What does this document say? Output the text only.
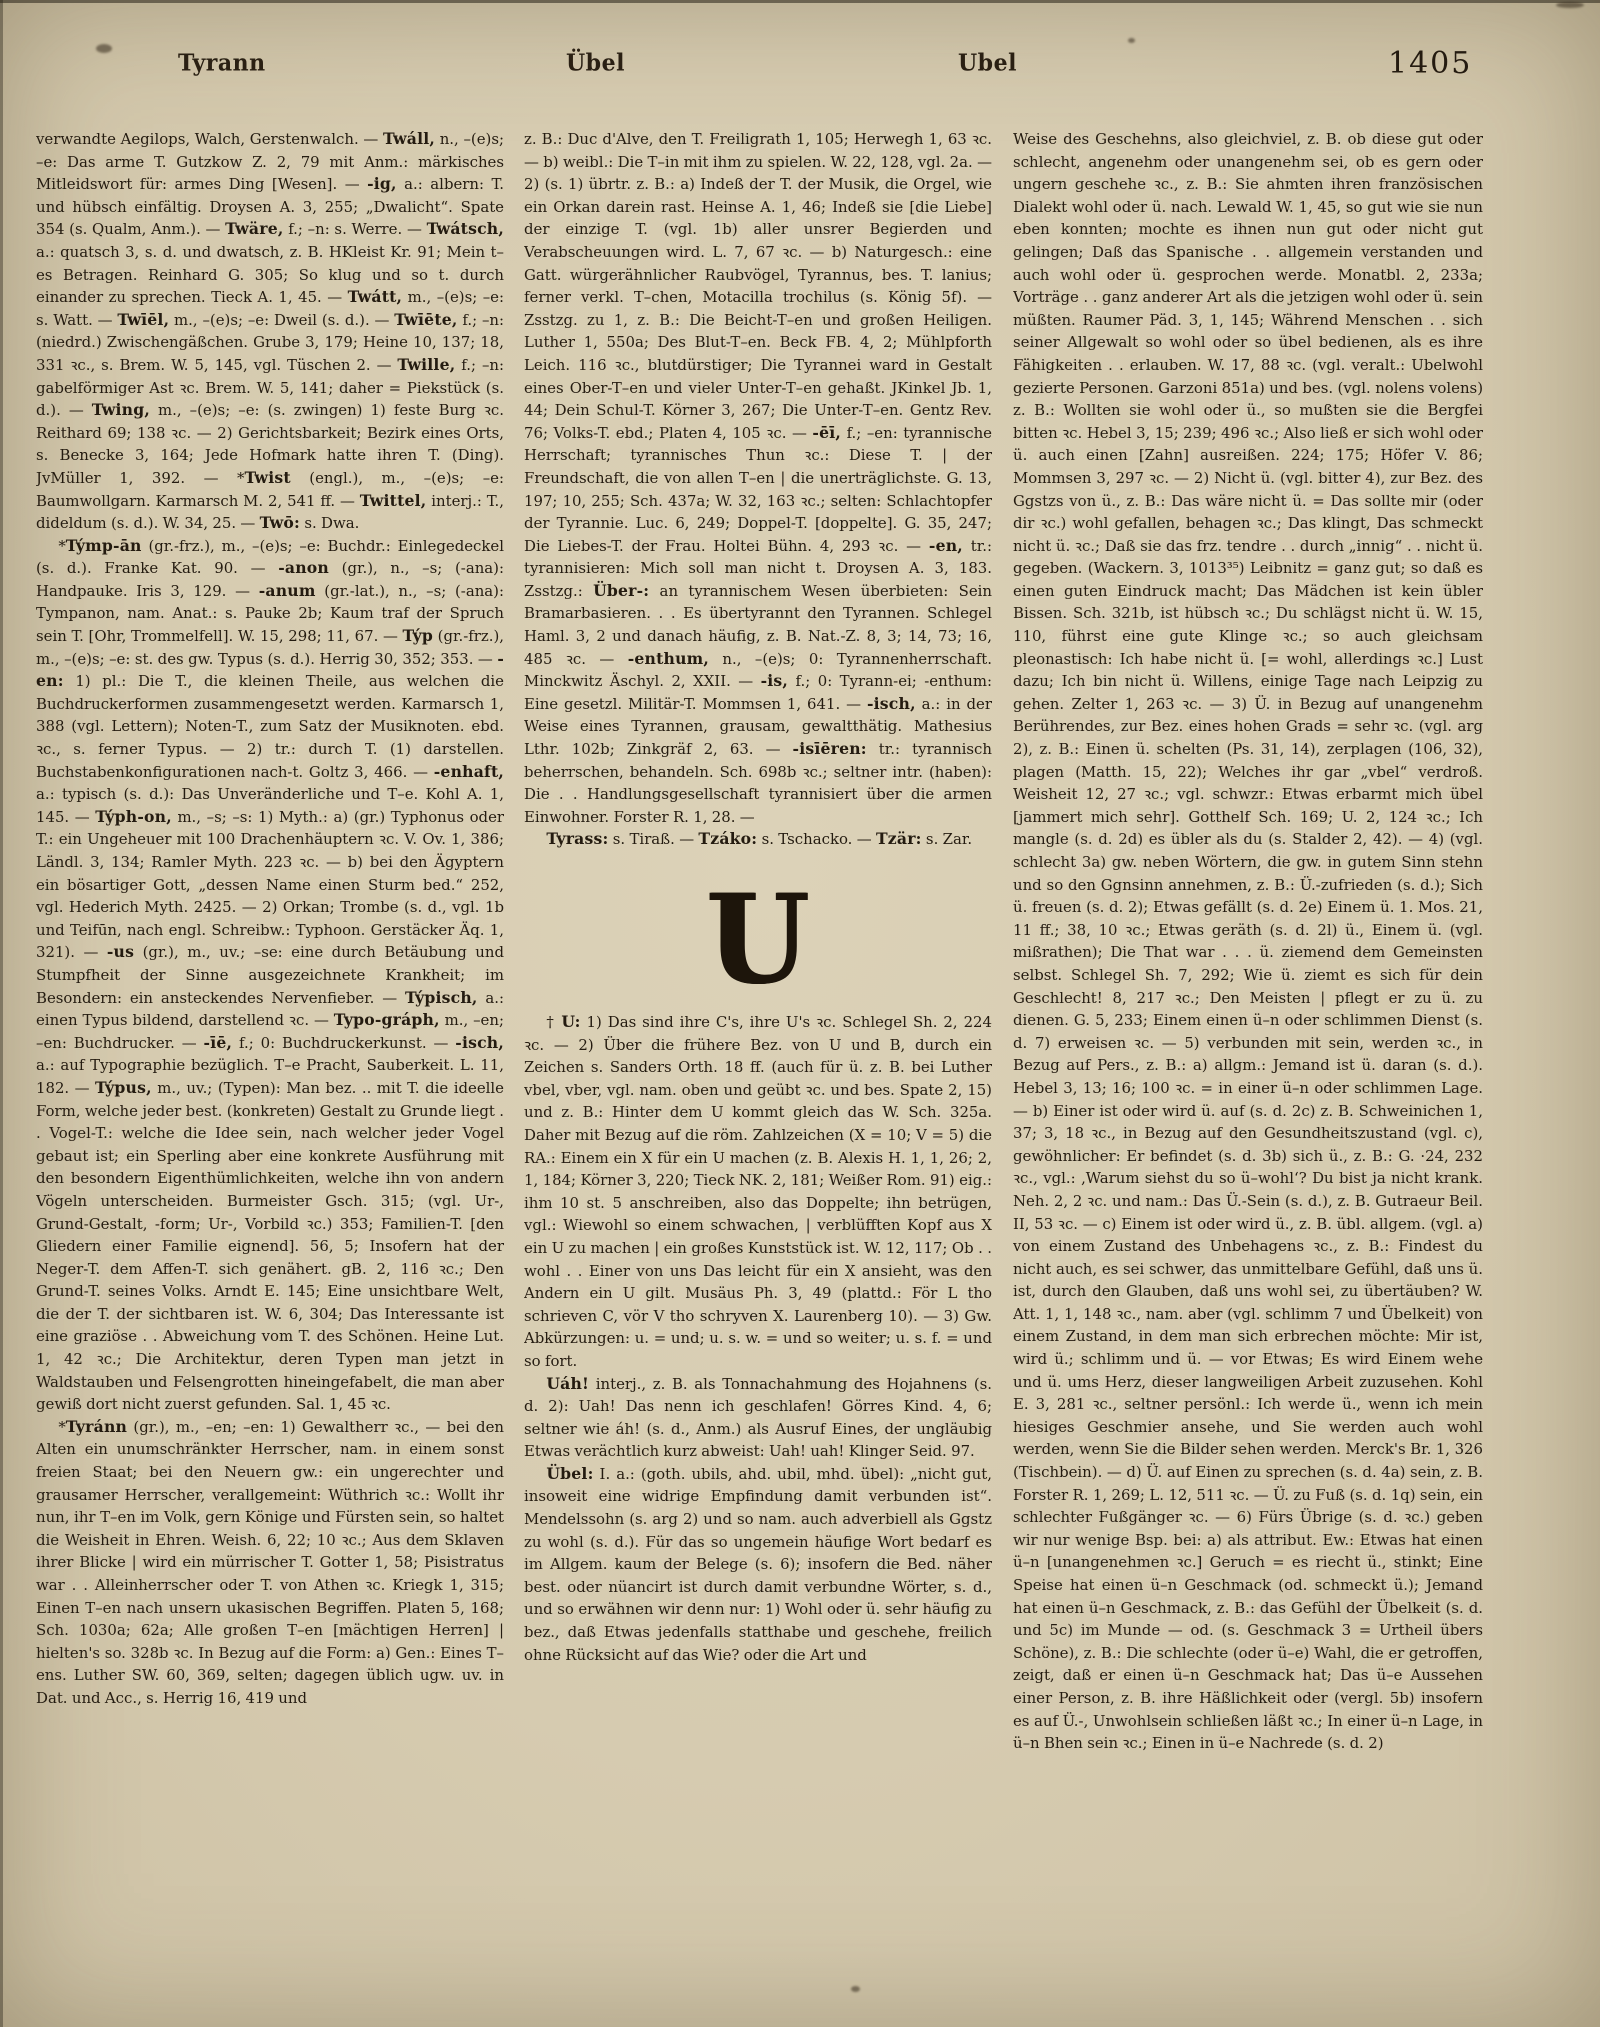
Tyrann	Übel	Ubel	1405

verwandte Aegilops, Walch, Gerstenwalch. — Twáll, n., –(e)s; –e: Das arme T. Gutzkow Z. 2, 79 mit Anm.: märkisches Mitleidswort für: armes Ding [Wesen]. — -ig, a.: albern: T. und hübsch einfältig. Droysen A. 3, 255; „Dwalicht“. Spate 354 (s. Qualm, Anm.). — Twäre, f.; –n: s. Werre. — Twátsch, a.: quatsch 3, s. d. und dwatsch, z. B. HKleist Kr. 91; Mein t–es Betragen. Reinhard G. 305; So klug und so t. durch einander zu sprechen. Tieck A. 1, 45. — Twátt, m., –(e)s; –e: s. Watt. — Twīēl, m., –(e)s; –e: Dweil (s. d.). — Twīēte, f.; –n: (niedrd.) Zwischengäßchen. Grube 3, 179; Heine 10, 137; 18, 331 ꝛc., s. Brem. W. 5, 145, vgl. Tüschen 2. — Twille, f.; –n: gabelförmiger Ast ꝛc. Brem. W. 5, 141; daher = Piekstück (s. d.). — Twing, m., –(e)s; –e: (s. zwingen) 1) feste Burg ꝛc. Reithard 69; 138 ꝛc. — 2) Gerichtsbarkeit; Bezirk eines Orts, s. Benecke 3, 164; Jede Hofmark hatte ihren T. (Ding). JvMüller 1, 392. — *Twist (engl.), m., –(e)s; –e: Baumwollgarn. Karmarsch M. 2, 541 ff. — Twittel, interj.: T., dideldum (s. d.). W. 34, 25. — Twō: s. Dwa.

*Týmp-ān (gr.-frz.), m., –(e)s; –e: Buchdr.: Einlegedeckel (s. d.). Franke Kat. 90. — -anon (gr.), n., –s; (-ana): Handpauke. Iris 3, 129. — -anum (gr.-lat.), n., –s; (-ana): Tympanon, nam. Anat.: s. Pauke 2b; Kaum traf der Spruch sein T. [Ohr, Trommelfell]. W. 15, 298; 11, 67. — Týp (gr.-frz.), m., –(e)s; –e: st. des gw. Typus (s. d.). Herrig 30, 352; 353. — -en: 1) pl.: Die T., die kleinen Theile, aus welchen die Buchdruckerformen zusammengesetzt werden. Karmarsch 1, 388 (vgl. Lettern); Noten-T., zum Satz der Musiknoten. ebd. ꝛc., s. ferner Typus. — 2) tr.: durch T. (1) darstellen. Buchstabenkonfigurationen nach-t. Goltz 3, 466. — -enhaft, a.: typisch (s. d.): Das Unveränderliche und T–e. Kohl A. 1, 145. — Týph-on, m., –s; –s: 1) Myth.: a) (gr.) Typhonus oder T.: ein Ungeheuer mit 100 Drachenhäuptern ꝛc. V. Ov. 1, 386; Ländl. 3, 134; Ramler Myth. 223 ꝛc. — b) bei den Ägyptern ein bösartiger Gott, „dessen Name einen Sturm bed.“ 252, vgl. Hederich Myth. 2425. — 2) Orkan; Trombe (s. d., vgl. 1b und Teifūn, nach engl. Schreibw.: Typhoon. Gerstäcker Äq. 1, 321). — -us (gr.), m., uv.; –se: eine durch Betäubung und Stumpfheit der Sinne ausgezeichnete Krankheit; im Besondern: ein ansteckendes Nervenfieber. — Týpisch, a.: einen Typus bildend, darstellend ꝛc. — Typo-gráph, m., –en; –en: Buchdrucker. — -īē, f.; 0: Buchdruckerkunst. — -isch, a.: auf Typographie bezüglich. T–e Pracht, Sauberkeit. L. 11, 182. — Týpus, m., uv.; (Typen): Man bez. .. mit T. die ideelle Form, welche jeder best. (konkreten) Gestalt zu Grunde liegt . . Vogel-T.: welche die Idee sein, nach welcher jeder Vogel gebaut ist; ein Sperling aber eine konkrete Ausführung mit den besondern Eigenthümlichkeiten, welche ihn von andern Vögeln unterscheiden. Burmeister Gsch. 315; (vgl. Ur-, Grund-Gestalt, -form; Ur-, Vorbild ꝛc.) 353; Familien-T. [den Gliedern einer Familie eignend]. 56, 5; Insofern hat der Neger-T. dem Affen-T. sich genähert. gB. 2, 116 ꝛc.; Den Grund-T. seines Volks. Arndt E. 145; Eine unsichtbare Welt, die der T. der sichtbaren ist. W. 6, 304; Das Interessante ist eine graziöse . . Abweichung vom T. des Schönen. Heine Lut. 1, 42 ꝛc.; Die Architektur, deren Typen man jetzt in Waldstauben und Felsengrotten hineingefabelt, die man aber gewiß dort nicht zuerst gefunden. Sal. 1, 45 ꝛc.

*Tyránn (gr.), m., –en; –en: 1) Gewaltherr ꝛc., — bei den Alten ein unumschränkter Herrscher, nam. in einem sonst freien Staat; bei den Neuern gw.: ein ungerechter und grausamer Herrscher, verallgemeint: Wüthrich ꝛc.: Wollt ihr nun, ihr T–en im Volk, gern Könige und Fürsten sein, so haltet die Weisheit in Ehren. Weish. 6, 22; 10 ꝛc.; Aus dem Sklaven ihrer Blicke | wird ein mürrischer T. Gotter 1, 58; Pisistratus war . . Alleinherrscher oder T. von Athen ꝛc. Kriegk 1, 315; Einen T–en nach unsern ukasischen Begriffen. Platen 5, 168; Sch. 1030a; 62a; Alle großen T–en [mächtigen Herren] | hielten's so. 328b ꝛc. In Bezug auf die Form: a) Gen.: Eines T–ens. Luther SW. 60, 369, selten; dagegen üblich ugw. uv. in Dat. und Acc., s. Herrig 16, 419 und

z. B.: Duc d'Alve, den T. Freiligrath 1, 105; Herwegh 1, 63 ꝛc. — b) weibl.: Die T–in mit ihm zu spielen. W. 22, 128, vgl. 2a. — 2) (s. 1) übrtr. z. B.: a) Indeß der T. der Musik, die Orgel, wie ein Orkan darein rast. Heinse A. 1, 46; Indeß sie [die Liebe] der einzige T. (vgl. 1b) aller unsrer Begierden und Verabscheuungen wird. L. 7, 67 ꝛc. — b) Naturgesch.: eine Gatt. würgerähnlicher Raubvögel, Tyrannus, bes. T. lanius; ferner verkl. T–chen, Motacilla trochilus (s. König 5f). — Zsstzg. zu 1, z. B.: Die Beicht-T–en und großen Heiligen. Luther 1, 550a; Des Blut-T–en. Beck FB. 4, 2; Mühlpforth Leich. 116 ꝛc., blutdürstiger; Die Tyrannei ward in Gestalt eines Ober-T–en und vieler Unter-T–en gehaßt. JKinkel Jb. 1, 44; Dein Schul-T. Körner 3, 267; Die Unter-T–en. Gentz Rev. 76; Volks-T. ebd.; Platen 4, 105 ꝛc. — -ēī, f.; –en: tyrannische Herrschaft; tyrannisches Thun ꝛc.: Diese T. | der Freundschaft, die von allen T–en | die unerträglichste. G. 13, 197; 10, 255; Sch. 437a; W. 32, 163 ꝛc.; selten: Schlachtopfer der Tyrannie. Luc. 6, 249; Doppel-T. [doppelte]. G. 35, 247; Die Liebes-T. der Frau. Holtei Bühn. 4, 293 ꝛc. — -en, tr.: tyrannisieren: Mich soll man nicht t. Droysen A. 3, 183. Zsstzg.: Über-: an tyrannischem Wesen überbieten: Sein Bramarbasieren. . . Es übertyrannt den Tyrannen. Schlegel Haml. 3, 2 und danach häufig, z. B. Nat.-Z. 8, 3; 14, 73; 16, 485 ꝛc. — -enthum, n., –(e)s; 0: Tyrannenherrschaft. Minckwitz Äschyl. 2, XXII. — -is, f.; 0: Tyrann-ei; -enthum: Eine gesetzl. Militär-T. Mommsen 1, 641. — -isch, a.: in der Weise eines Tyrannen, grausam, gewaltthätig. Mathesius Lthr. 102b; Zinkgräf 2, 63. — -isīēren: tr.: tyrannisch beherrschen, behandeln. Sch. 698b ꝛc.; seltner intr. (haben): Die . . Handlungsgesellschaft tyrannisiert über die armen Einwohner. Forster R. 1, 28. —

Tyrass: s. Tiraß. — Tzáko: s. Tschacko. — Tzär: s. Zar.

U

† U: 1) Das sind ihre C's, ihre U's ꝛc. Schlegel Sh. 2, 224 ꝛc. — 2) Über die frühere Bez. von U und B, durch ein Zeichen s. Sanders Orth. 18 ff. (auch für ü. z. B. bei Luther vbel, vber, vgl. nam. oben und geübt ꝛc. und bes. Spate 2, 15) und z. B.: Hinter dem U kommt gleich das W. Sch. 325a. Daher mit Bezug auf die röm. Zahlzeichen (X = 10; V = 5) die RA.: Einem ein X für ein U machen (z. B. Alexis H. 1, 1, 26; 2, 1, 184; Körner 3, 220; Tieck NK. 2, 181; Weißer Rom. 91) eig.: ihm 10 st. 5 anschreiben, also das Doppelte; ihn betrügen, vgl.: Wiewohl so einem schwachen, | verblüfften Kopf aus X ein U zu machen | ein großes Kunststück ist. W. 12, 117; Ob . . wohl . . Einer von uns Das leicht für ein X ansieht, was den Andern ein U gilt. Musäus Ph. 3, 49 (plattd.: För L tho schrieven C, vör V tho schryven X. Laurenberg 10). — 3) Gw. Abkürzungen: u. = und; u. s. w. = und so weiter; u. s. f. = und so fort.

Uáh! interj., z. B. als Tonnachahmung des Hojahnens (s. d. 2): Uah! Das nenn ich geschlafen! Görres Kind. 4, 6; seltner wie áh! (s. d., Anm.) als Ausruf Eines, der ungläubig Etwas verächtlich kurz abweist: Uah! uah! Klinger Seid. 97.

Übel: I. a.: (goth. ubils, ahd. ubil, mhd. übel): „nicht gut, insoweit eine widrige Empfindung damit verbunden ist“. Mendelssohn (s. arg 2) und so nam. auch adverbiell als Ggstz zu wohl (s. d.). Für das so ungemein häufige Wort bedarf es im Allgem. kaum der Belege (s. 6); insofern die Bed. näher best. oder nüancirt ist durch damit verbundne Wörter, s. d., und so erwähnen wir denn nur: 1) Wohl oder ü. sehr häufig zu bez., daß Etwas jedenfalls statthabe und geschehe, freilich ohne Rücksicht auf das Wie? oder die Art und

Weise des Geschehns, also gleichviel, z. B. ob diese gut oder schlecht, angenehm oder unangenehm sei, ob es gern oder ungern geschehe ꝛc., z. B.: Sie ahmten ihren französischen Dialekt wohl oder ü. nach. Lewald W. 1, 45, so gut wie sie nun eben konnten; mochte es ihnen nun gut oder nicht gut gelingen; Daß das Spanische . . allgemein verstanden und auch wohl oder ü. gesprochen werde. Monatbl. 2, 233a; Vorträge . . ganz anderer Art als die jetzigen wohl oder ü. sein müßten. Raumer Päd. 3, 1, 145; Während Menschen . . sich seiner Allgewalt so wohl oder so übel bedienen, als es ihre Fähigkeiten . . erlauben. W. 17, 88 ꝛc. (vgl. veralt.: Ubelwohl gezierte Personen. Garzoni 851a) und bes. (vgl. nolens volens) z. B.: Wollten sie wohl oder ü., so mußten sie die Bergfei bitten ꝛc. Hebel 3, 15; 239; 496 ꝛc.; Also ließ er sich wohl oder ü. auch einen [Zahn] ausreißen. 224; 175; Höfer V. 86; Mommsen 3, 297 ꝛc. — 2) Nicht ü. (vgl. bitter 4), zur Bez. des Ggstzs von ü., z. B.: Das wäre nicht ü. = Das sollte mir (oder dir ꝛc.) wohl gefallen, behagen ꝛc.; Das klingt, Das schmeckt nicht ü. ꝛc.; Daß sie das frz. tendre . . durch „innig“ . . nicht ü. gegeben. (Wackern. 3, 1013³⁵) Leibnitz = ganz gut; so daß es einen guten Eindruck macht; Das Mädchen ist kein übler Bissen. Sch. 321b, ist hübsch ꝛc.; Du schlägst nicht ü. W. 15, 110, führst eine gute Klinge ꝛc.; so auch gleichsam pleonastisch: Ich habe nicht ü. [= wohl, allerdings ꝛc.] Lust dazu; Ich bin nicht ü. Willens, einige Tage nach Leipzig zu gehen. Zelter 1, 263 ꝛc. — 3) Ü. in Bezug auf unangenehm Berührendes, zur Bez. eines hohen Grads = sehr ꝛc. (vgl. arg 2), z. B.: Einen ü. schelten (Ps. 31, 14), zerplagen (106, 32), plagen (Matth. 15, 22); Welches ihr gar „vbel“ verdroß. Weisheit 12, 27 ꝛc.; vgl. schwzr.: Etwas erbarmt mich übel [jammert mich sehr]. Gotthelf Sch. 169; U. 2, 124 ꝛc.; Ich mangle (s. d. 2d) es übler als du (s. Stalder 2, 42). — 4) (vgl. schlecht 3a) gw. neben Wörtern, die gw. in gutem Sinn stehn und so den Ggnsinn annehmen, z. B.: Ü.-zufrieden (s. d.); Sich ü. freuen (s. d. 2); Etwas gefällt (s. d. 2e) Einem ü. 1. Mos. 21, 11 ff.; 38, 10 ꝛc.; Etwas geräth (s. d. 2l) ü., Einem ü. (vgl. mißrathen); Die That war . . . ü. ziemend dem Gemeinsten selbst. Schlegel Sh. 7, 292; Wie ü. ziemt es sich für dein Geschlecht! 8, 217 ꝛc.; Den Meisten | pflegt er zu ü. zu dienen. G. 5, 233; Einem einen ü–n oder schlimmen Dienst (s. d. 7) erweisen ꝛc. — 5) verbunden mit sein, werden ꝛc., in Bezug auf Pers., z. B.: a) allgm.: Jemand ist ü. daran (s. d.). Hebel 3, 13; 16; 100 ꝛc. = in einer ü–n oder schlimmen Lage. — b) Einer ist oder wird ü. auf (s. d. 2c) z. B. Schweinichen 1, 37; 3, 18 ꝛc., in Bezug auf den Gesundheitszustand (vgl. c), gewöhnlicher: Er befindet (s. d. 3b) sich ü., z. B.: G. ·24, 232 ꝛc., vgl.: ‚Warum siehst du so ü–wohl‘? Du bist ja nicht krank. Neh. 2, 2 ꝛc. und nam.: Das Ü.-Sein (s. d.), z. B. Gutraeur Beil. II, 53 ꝛc. — c) Einem ist oder wird ü., z. B. übl. allgem. (vgl. a) von einem Zustand des Unbehagens ꝛc., z. B.: Findest du nicht auch, es sei schwer, das unmittelbare Gefühl, daß uns ü. ist, durch den Glauben, daß uns wohl sei, zu übertäuben? W. Att. 1, 1, 148 ꝛc., nam. aber (vgl. schlimm 7 und Übelkeit) von einem Zustand, in dem man sich erbrechen möchte: Mir ist, wird ü.; schlimm und ü. — vor Etwas; Es wird Einem wehe und ü. ums Herz, dieser langweiligen Arbeit zuzusehen. Kohl E. 3, 281 ꝛc., seltner persönl.: Ich werde ü., wenn ich mein hiesiges Geschmier ansehe, und Sie werden auch wohl werden, wenn Sie die Bilder sehen werden. Merck's Br. 1, 326 (Tischbein). — d) Ü. auf Einen zu sprechen (s. d. 4a) sein, z. B. Forster R. 1, 269; L. 12, 511 ꝛc. — Ü. zu Fuß (s. d. 1q) sein, ein schlechter Fußgänger ꝛc. — 6) Fürs Übrige (s. d. ꝛc.) geben wir nur wenige Bsp. bei: a) als attribut. Ew.: Etwas hat einen ü–n [unangenehmen ꝛc.] Geruch = es riecht ü., stinkt; Eine Speise hat einen ü–n Geschmack (od. schmeckt ü.); Jemand hat einen ü–n Geschmack, z. B.: das Gefühl der Übelkeit (s. d. und 5c) im Munde — od. (s. Geschmack 3 = Urtheil übers Schöne), z. B.: Die schlechte (oder ü–e) Wahl, die er getroffen, zeigt, daß er einen ü–n Geschmack hat; Das ü–e Aussehen einer Person, z. B. ihre Häßlichkeit oder (vergl. 5b) insofern es auf Ü.-, Unwohlsein schließen läßt ꝛc.; In einer ü–n Lage, in ü–n Bhen sein ꝛc.; Einen in ü–e Nachrede (s. d. 2)
